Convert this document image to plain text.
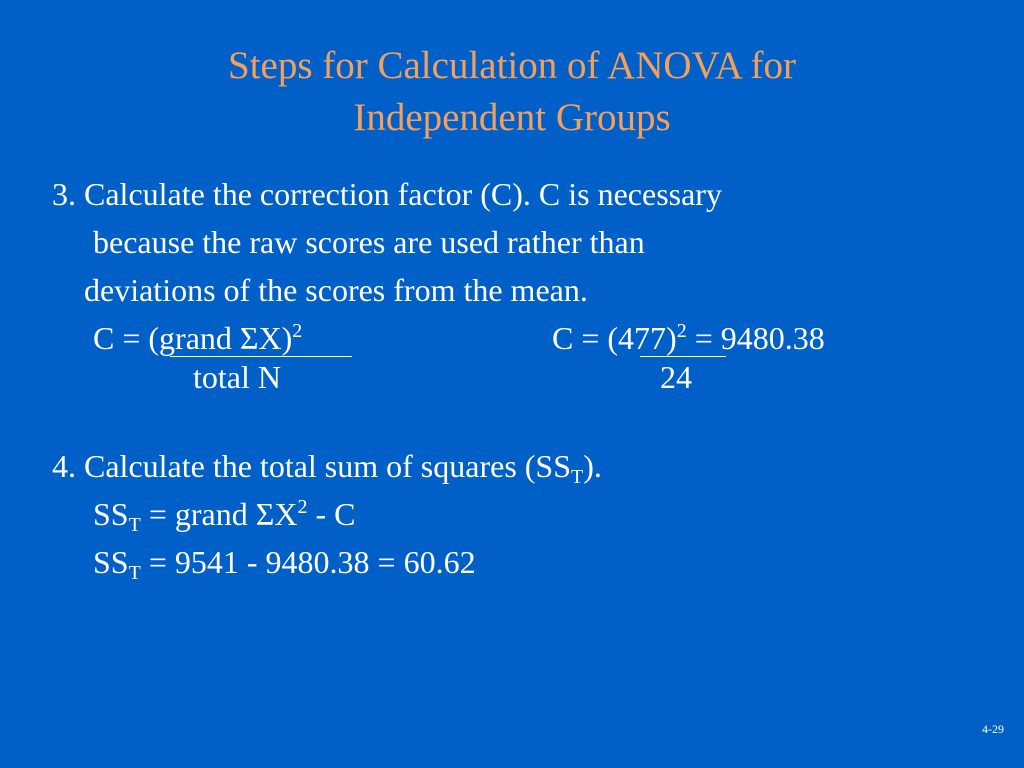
Steps for Calculation of ANOVA for
Independent Groups
3. Calculate the correction factor (C). C is necessary
because the raw scores are used rather than
deviations of the scores from the mean.
C = (grand ΣX)$^2$
total N
$C = (477)^2 = 9480.38$
24
4. Calculate the total sum of squares $(SS_T)$.
$SS_T$ = grand $\Sigma X^2$ - C
$SS_T = 9541 - 9480.38 = 60.62$
4-29
